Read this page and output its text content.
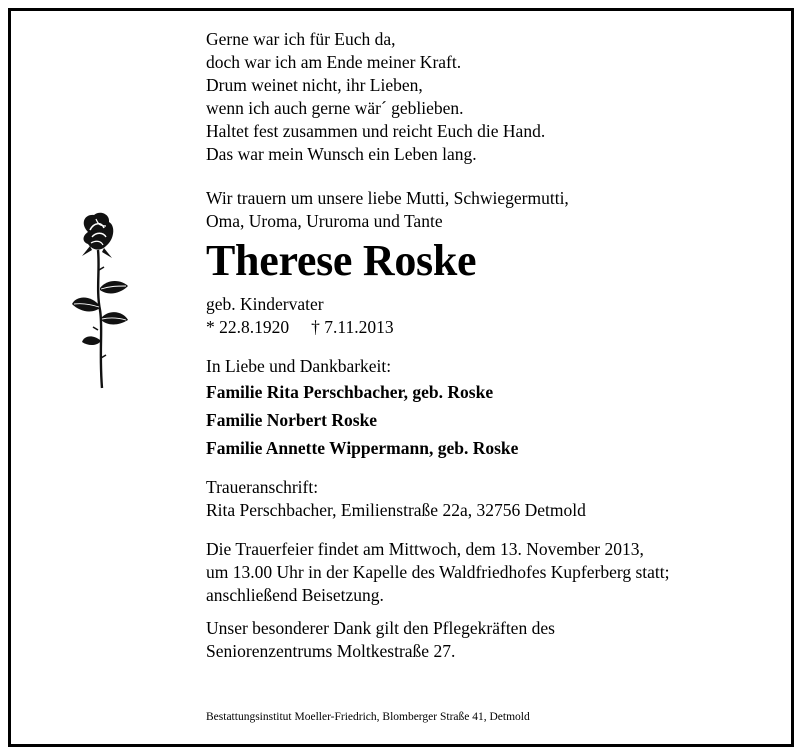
Gerne war ich für Euch da,
doch war ich am Ende meiner Kraft.
Drum weinet nicht, ihr Lieben,
wenn ich auch gerne wär´ geblieben.
Haltet fest zusammen und reicht Euch die Hand.
Das war mein Wunsch ein Leben lang.
Wir trauern um unsere liebe Mutti, Schwiegermutti,
Oma, Uroma, Ururoma und Tante
Therese Roske
geb. Kindervater
* 22.8.1920 † 7.11.2013
In Liebe und Dankbarkeit:
Familie Rita Perschbacher, geb. Roske
Familie Norbert Roske
Familie Annette Wippermann, geb. Roske
Traueranschrift:
Rita Perschbacher, Emilienstraße 22a, 32756 Detmold
Die Trauerfeier findet am Mittwoch, dem 13. November 2013,
um 13.00 Uhr in der Kapelle des Waldfriedhofes Kupferberg statt;
anschließend Beisetzung.
Unser besonderer Dank gilt den Pflegekräften des
Seniorenzentrums Moltkestraße 27.
Bestattungsinstitut Moeller-Friedrich, Blomberger Straße 41, Detmold
